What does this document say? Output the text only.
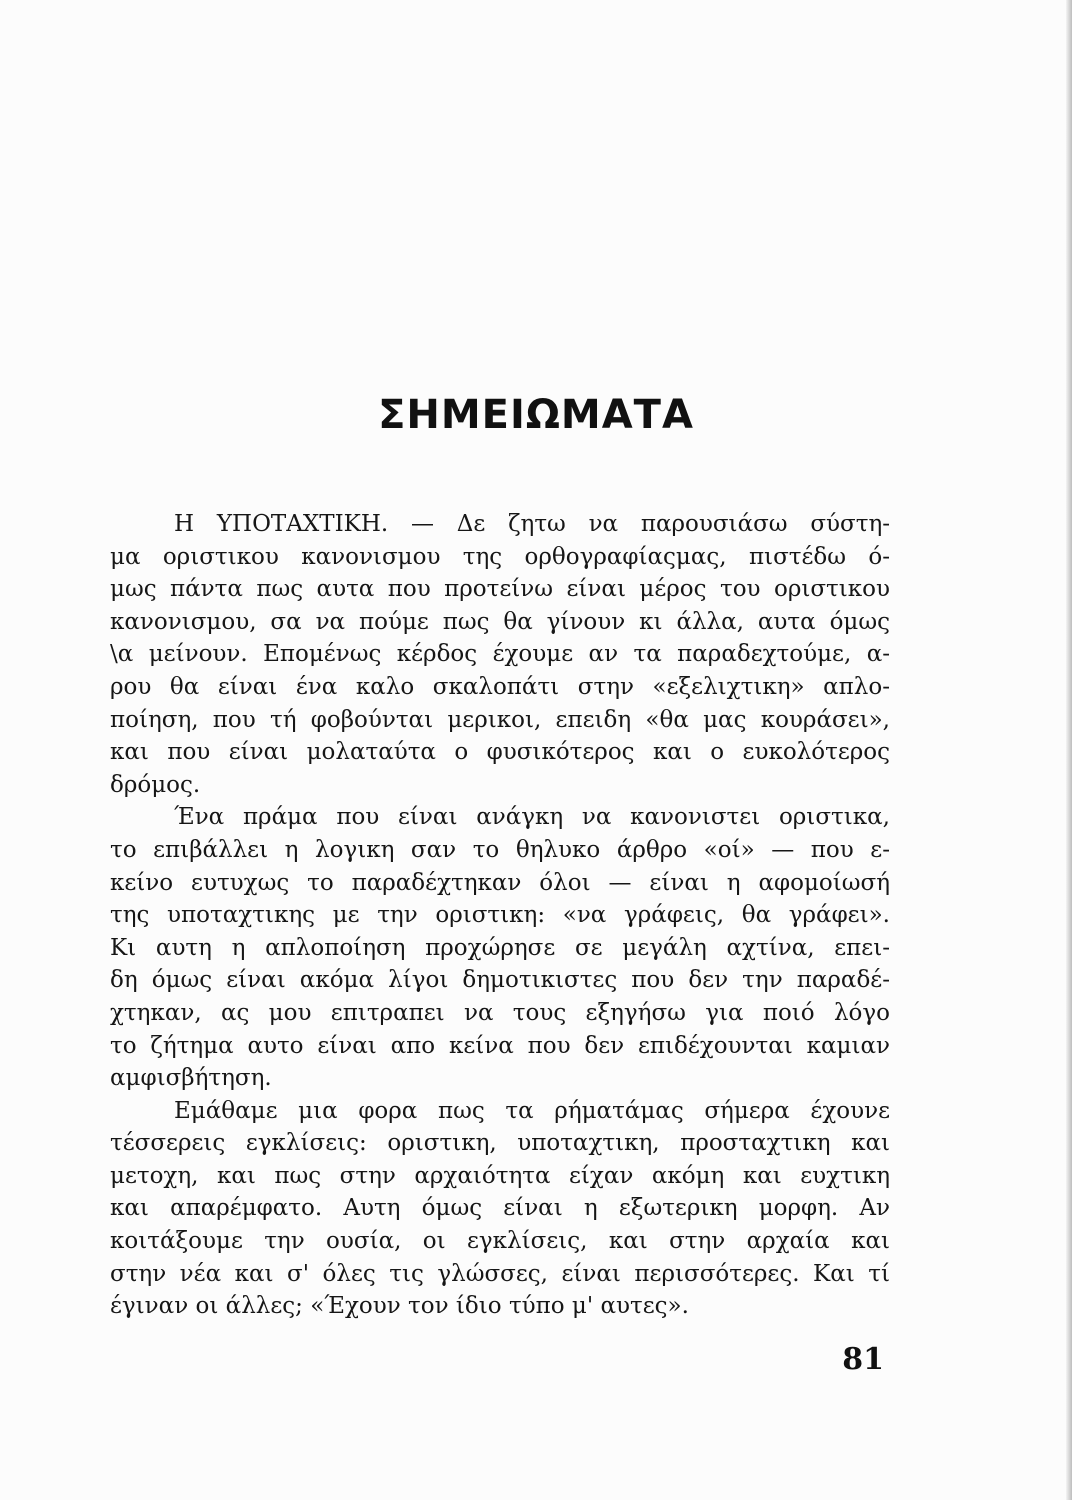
ΣΗΜΕΙΩΜΑΤΑ
Η ΥΠΟΤΑΧΤΙΚΗ. — Δε ζητω να παρουσιάσω σύστη-
μα οριστικου κανονισμου της ορθογραφίαςμας, πιστέδω ό-
μως πάντα πως αυτα που προτείνω είναι μέρος του οριστικου
κανονισμου, σα να πούμε πως θα γίνουν κι άλλα, αυτα όμως
\α μείνουν. Επομένως κέρδος έχουμε αν τα παραδεχτούμε, α-
ρου θα είναι ένα καλο σκαλοπάτι στην «εξελιχτικη» απλο-
ποίηση, που τή φοβούνται μερικοι, επειδη «θα μας κουράσει»,
και που είναι μολαταύτα ο φυσικότερος και ο ευκολότερος
δρόμος.
Ένα πράμα που είναι ανάγκη να κανονιστει οριστικα,
το επιβάλλει η λογικη σαν το θηλυκο άρθρο «οί» — που ε-
κείνο ευτυχως το παραδέχτηκαν όλοι — είναι η αφομοίωσή
της υποταχτικης με την οριστικη: «να γράφεις, θα γράφει».
Κι αυτη η απλοποίηση προχώρησε σε μεγάλη αχτίνα, επει-
δη όμως είναι ακόμα λίγοι δημοτικιστες που δεν την παραδέ-
χτηκαν, ας μου επιτραπει να τους εξηγήσω για ποιό λόγο
το ζήτημα αυτο είναι απο κείνα που δεν επιδέχουνται καμιαν
αμφισβήτηση.
Εμάθαμε μια φορα πως τα ρήματάμας σήμερα έχουνε
τέσσερεις εγκλίσεις: οριστικη, υποταχτικη, προσταχτικη και
μετοχη, και πως στην αρχαιότητα είχαν ακόμη και ευχτικη
και απαρέμφατο. Αυτη όμως είναι η εξωτερικη μορφη. Αν
κοιτάξουμε την ουσία, οι εγκλίσεις, και στην αρχαία και
στην νέα και σ' όλες τις γλώσσες, είναι περισσότερες. Και τί
έγιναν οι άλλες; «Έχουν τον ίδιο τύπο μ' αυτες».
81
